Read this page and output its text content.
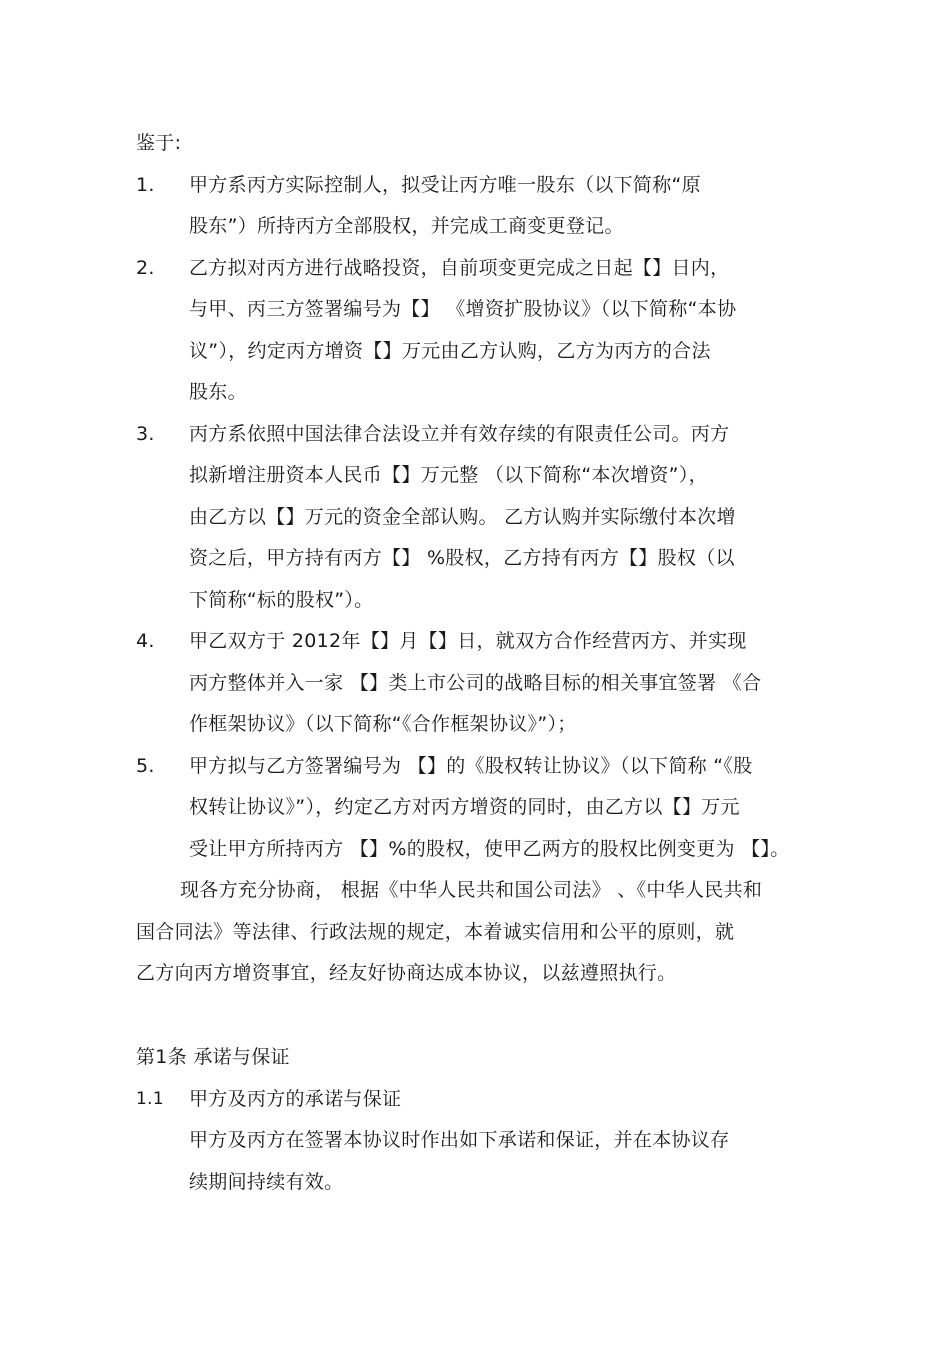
鉴于:
1. 甲方系丙方实际控制人，拟受让丙方唯一股东（以下简称“原
股东”）所持丙方全部股权，并完成工商变更登记。
2. 乙方拟对丙方进行战略投资，自前项变更完成之日起【】日内，
与甲、丙三方签署编号为【】 《增资扩股协议》（以下简称“本协
议”），约定丙方增资【】万元由乙方认购，乙方为丙方的合法
股东。
3. 丙方系依照中国法律合法设立并有效存续的有限责任公司。丙方
拟新增注册资本人民币【】万元整 （以下简称“本次增资”），
由乙方以【】万元的资金全部认购。 乙方认购并实际缴付本次增
资之后，甲方持有丙方【】 %股权，乙方持有丙方【】股权（以
下简称“标的股权”）。
4. 甲乙双方于 2012年【】月【】日，就双方合作经营丙方、并实现
丙方整体并入一家 【】类上市公司的战略目标的相关事宜签署 《合
作框架协议》（以下简称“《合作框架协议》”）；
5. 甲方拟与乙方签署编号为 【】的《股权转让协议》（以下简称 “《股
权转让协议》”），约定乙方对丙方增资的同时，由乙方以【】万元
受让甲方所持丙方 【】%的股权，使甲乙两方的股权比例变更为 【】。
现各方充分协商， 根据《中华人民共和国公司法》 、《中华人民共和
国合同法》等法律、行政法规的规定，本着诚实信用和公平的原则，就
乙方向丙方增资事宜，经友好协商达成本协议，以兹遵照执行。
第1条 承诺与保证
1.1 甲方及丙方的承诺与保证
甲方及丙方在签署本协议时作出如下承诺和保证，并在本协议存
续期间持续有效。
